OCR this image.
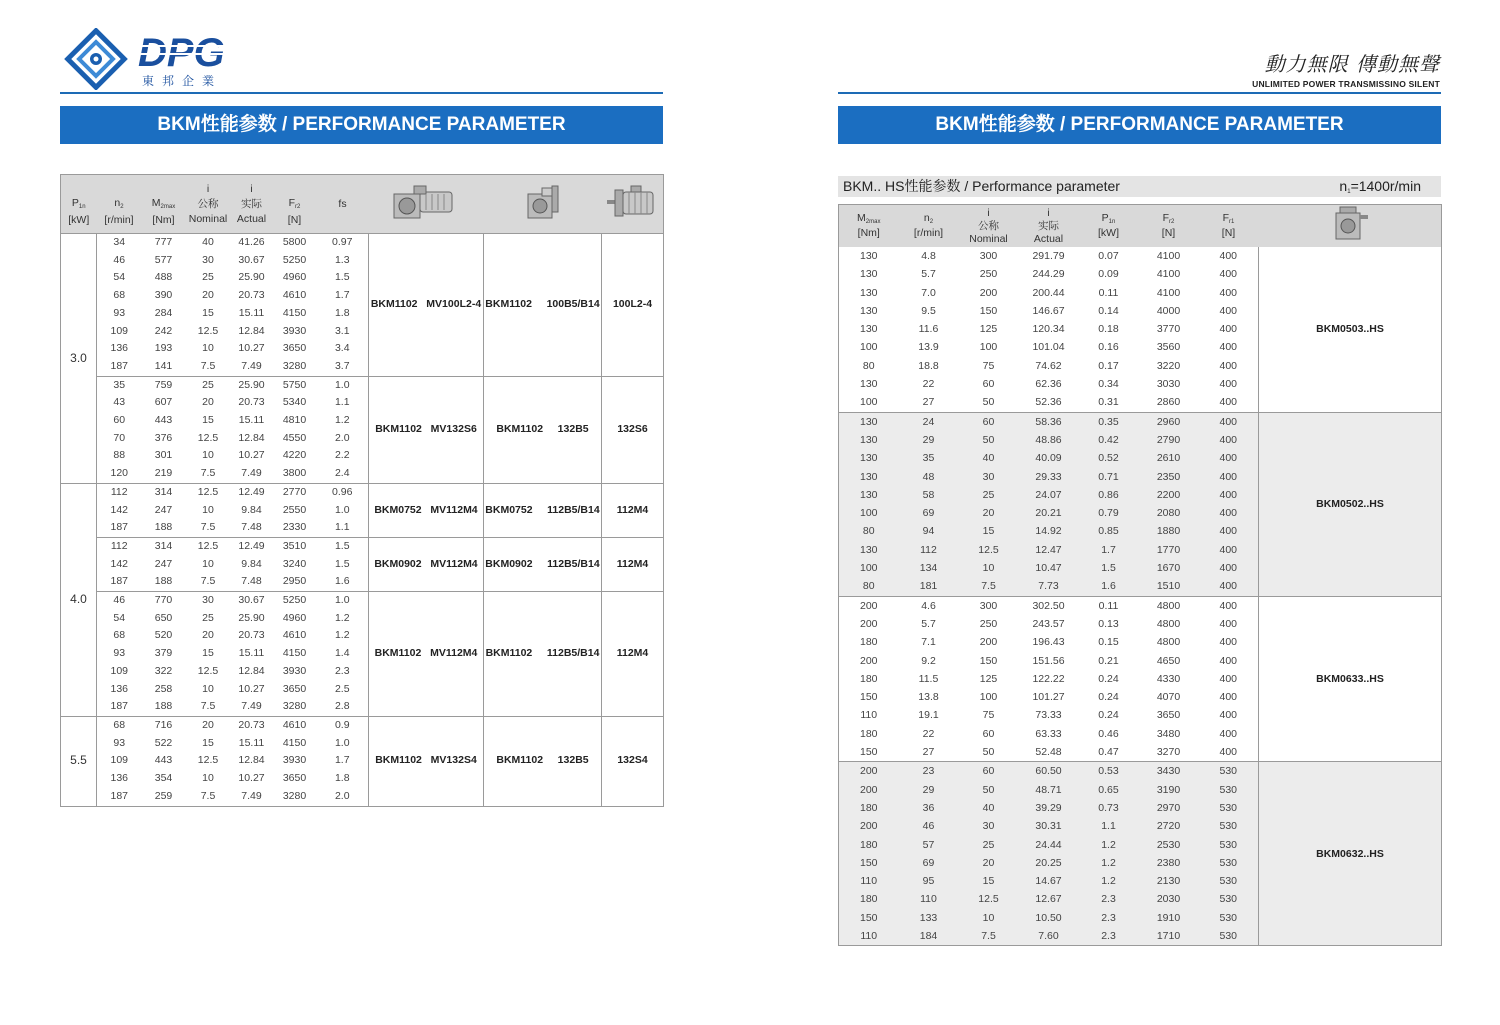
DPG
東邦企業
動力無限 傳動無聲
UNLIMITED POWER TRANSMISSINO SILENT
BKM性能参数 / PERFORMANCE PARAMETER	BKM性能参数 / PERFORMANCE PARAMETER

$P_{1n}$
[kW]	$n_2$
[r/min]	$M_{2max}$
[Nm]	i
公称
Nominal	i
实际
Actual	$F_{r2}$
[N]	fs			
3.0	34	777	40	41.26	5800	0.97	BKM1102 MV100L2-4	BKM1102 100B5/B14	100L2-4
	46	577	30	30.67	5250	1.3			
	54	488	25	25.90	4960	1.5			
	68	390	20	20.73	4610	1.7			
	93	284	15	15.11	4150	1.8			
	109	242	12.5	12.84	3930	3.1			
	136	193	10	10.27	3650	3.4			
	187	141	7.5	7.49	3280	3.7			
	35	759	25	25.90	5750	1.0	BKM1102 MV132S6	BKM1102 132B5	132S6
	43	607	20	20.73	5340	1.1			
	60	443	15	15.11	4810	1.2			
	70	376	12.5	12.84	4550	2.0			
	88	301	10	10.27	4220	2.2			
	120	219	7.5	7.49	3800	2.4			
4.0	112	314	12.5	12.49	2770	0.96	BKM0752 MV112M4	BKM0752 112B5/B14	112M4
	142	247	10	9.84	2550	1.0			
	187	188	7.5	7.48	2330	1.1			
	112	314	12.5	12.49	3510	1.5	BKM0902 MV112M4	BKM0902 112B5/B14	112M4
	142	247	10	9.84	3240	1.5			
	187	188	7.5	7.48	2950	1.6			
	46	770	30	30.67	5250	1.0	BKM1102 MV112M4	BKM1102 112B5/B14	112M4
	54	650	25	25.90	4960	1.2			
	68	520	20	20.73	4610	1.2			
	93	379	15	15.11	4150	1.4			
	109	322	12.5	12.84	3930	2.3			
	136	258	10	10.27	3650	2.5			
	187	188	7.5	7.49	3280	2.8			
5.5	68	716	20	20.73	4610	0.9	BKM1102 MV132S4	BKM1102 132B5	132S4
	93	522	15	15.11	4150	1.0			
	109	443	12.5	12.84	3930	1.7			
	136	354	10	10.27	3650	1.8			
	187	259	7.5	7.49	3280	2.0			
BKM.. HS性能参数 / Performance parameter	$n_1=1400r/\min$
$M_{2max}$
[Nm]	$n_2$
[r/min]	i
公称
Nominal	i
实际
Actual	$P_{1n}$
[kW]	$F_{r2}$
[N]	$F_{r1}$
[N]	
130	4.8	300	291.79	0.07	4100	400	BKM0503..HS
130	5.7	250	244.29	0.09	4100	400	
130	7.0	200	200.44	0.11	4100	400	
130	9.5	150	146.67	0.14	4000	400	
130	11.6	125	120.34	0.18	3770	400	
100	13.9	100	101.04	0.16	3560	400	
80	18.8	75	74.62	0.17	3220	400	
130	22	60	62.36	0.34	3030	400	
100	27	50	52.36	0.31	2860	400	
130	24	60	58.36	0.35	2960	400	BKM0502..HS
130	29	50	48.86	0.42	2790	400	
130	35	40	40.09	0.52	2610	400	
130	48	30	29.33	0.71	2350	400	
130	58	25	24.07	0.86	2200	400	
100	69	20	20.21	0.79	2080	400	
80	94	15	14.92	0.85	1880	400	
130	112	12.5	12.47	1.7	1770	400	
100	134	10	10.47	1.5	1670	400	
80	181	7.5	7.73	1.6	1510	400	
200	4.6	300	302.50	0.11	4800	400	BKM0633..HS
200	5.7	250	243.57	0.13	4800	400	
180	7.1	200	196.43	0.15	4800	400	
200	9.2	150	151.56	0.21	4650	400	
180	11.5	125	122.22	0.24	4330	400	
150	13.8	100	101.27	0.24	4070	400	
110	19.1	75	73.33	0.24	3650	400	
180	22	60	63.33	0.46	3480	400	
150	27	50	52.48	0.47	3270	400	
200	23	60	60.50	0.53	3430	530	BKM0632..HS
200	29	50	48.71	0.65	3190	530	
180	36	40	39.29	0.73	2970	530	
200	46	30	30.31	1.1	2720	530	
180	57	25	24.44	1.2	2530	530	
150	69	20	20.25	1.2	2380	530	
110	95	15	14.67	1.2	2130	530	
180	110	12.5	12.67	2.3	2030	530	
150	133	10	10.50	2.3	1910	530	
110	184	7.5	7.60	2.3	1710	530	
